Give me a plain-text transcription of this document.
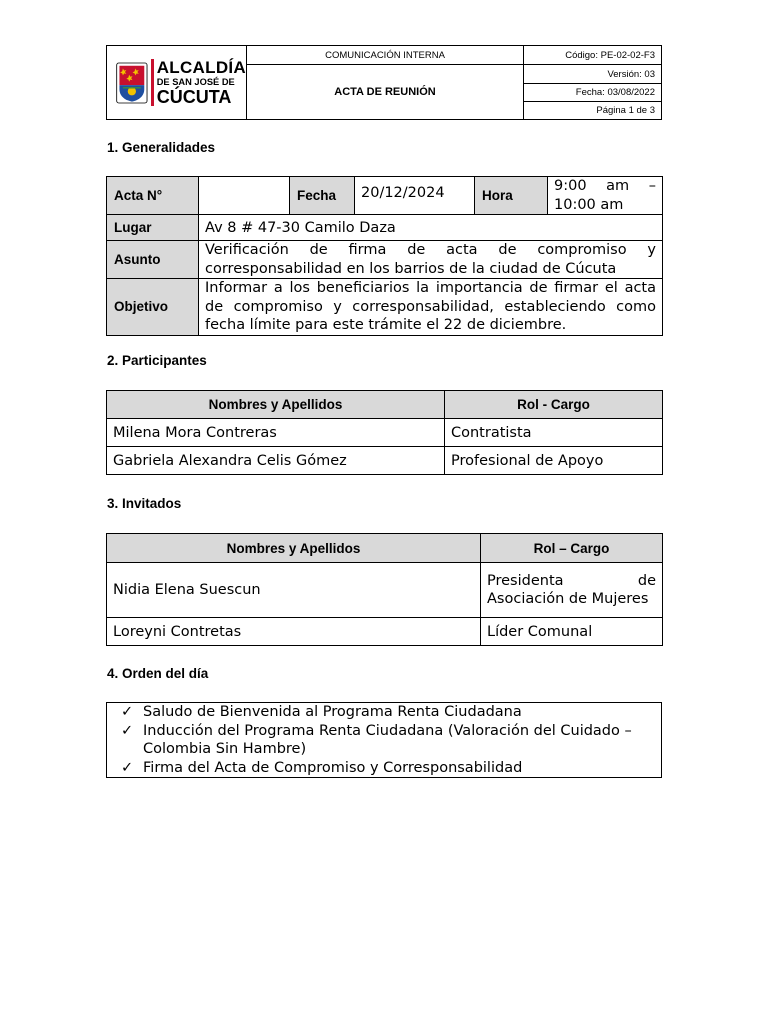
ALCALDÍA
DE SAN JOSÉ DE
CÚCUTA	COMUNICACIÓN INTERNA	Código: PE-02-02-F3
	ACTA DE REUNIÓN	Versión: 03
		Fecha: 03/08/2022
		Página 1 de 3
1. Generalidades
Acta N°		Fecha	20/12/2024	Hora	9:00 am – 10:00 am
Lugar	Av 8 # 47-30 Camilo Daza				
Asunto	Verificación de firma de acta de compromiso y corresponsabilidad en los barrios de la ciudad de Cúcuta				
Objetivo	Informar a los beneficiarios la importancia de firmar el acta de compromiso y corresponsabilidad, estableciendo como fecha límite para este trámite el 22 de diciembre.				
2. Participantes
Nombres y Apellidos	Rol - Cargo
Milena Mora Contreras	Contratista
Gabriela Alexandra Celis Gómez	Profesional de Apoyo
3. Invitados
Nombres y Apellidos	Rol – Cargo
Nidia Elena Suescun	Presidenta de Asociación de Mujeres
Loreyni Contretas	Líder Comunal
4. Orden del día
✓ Saludo de Bienvenida al Programa Renta Ciudadana
✓ Inducción del Programa Renta Ciudadana (Valoración del Cuidado – Colombia Sin Hambre)
✓ Firma del Acta de Compromiso y Corresponsabilidad
